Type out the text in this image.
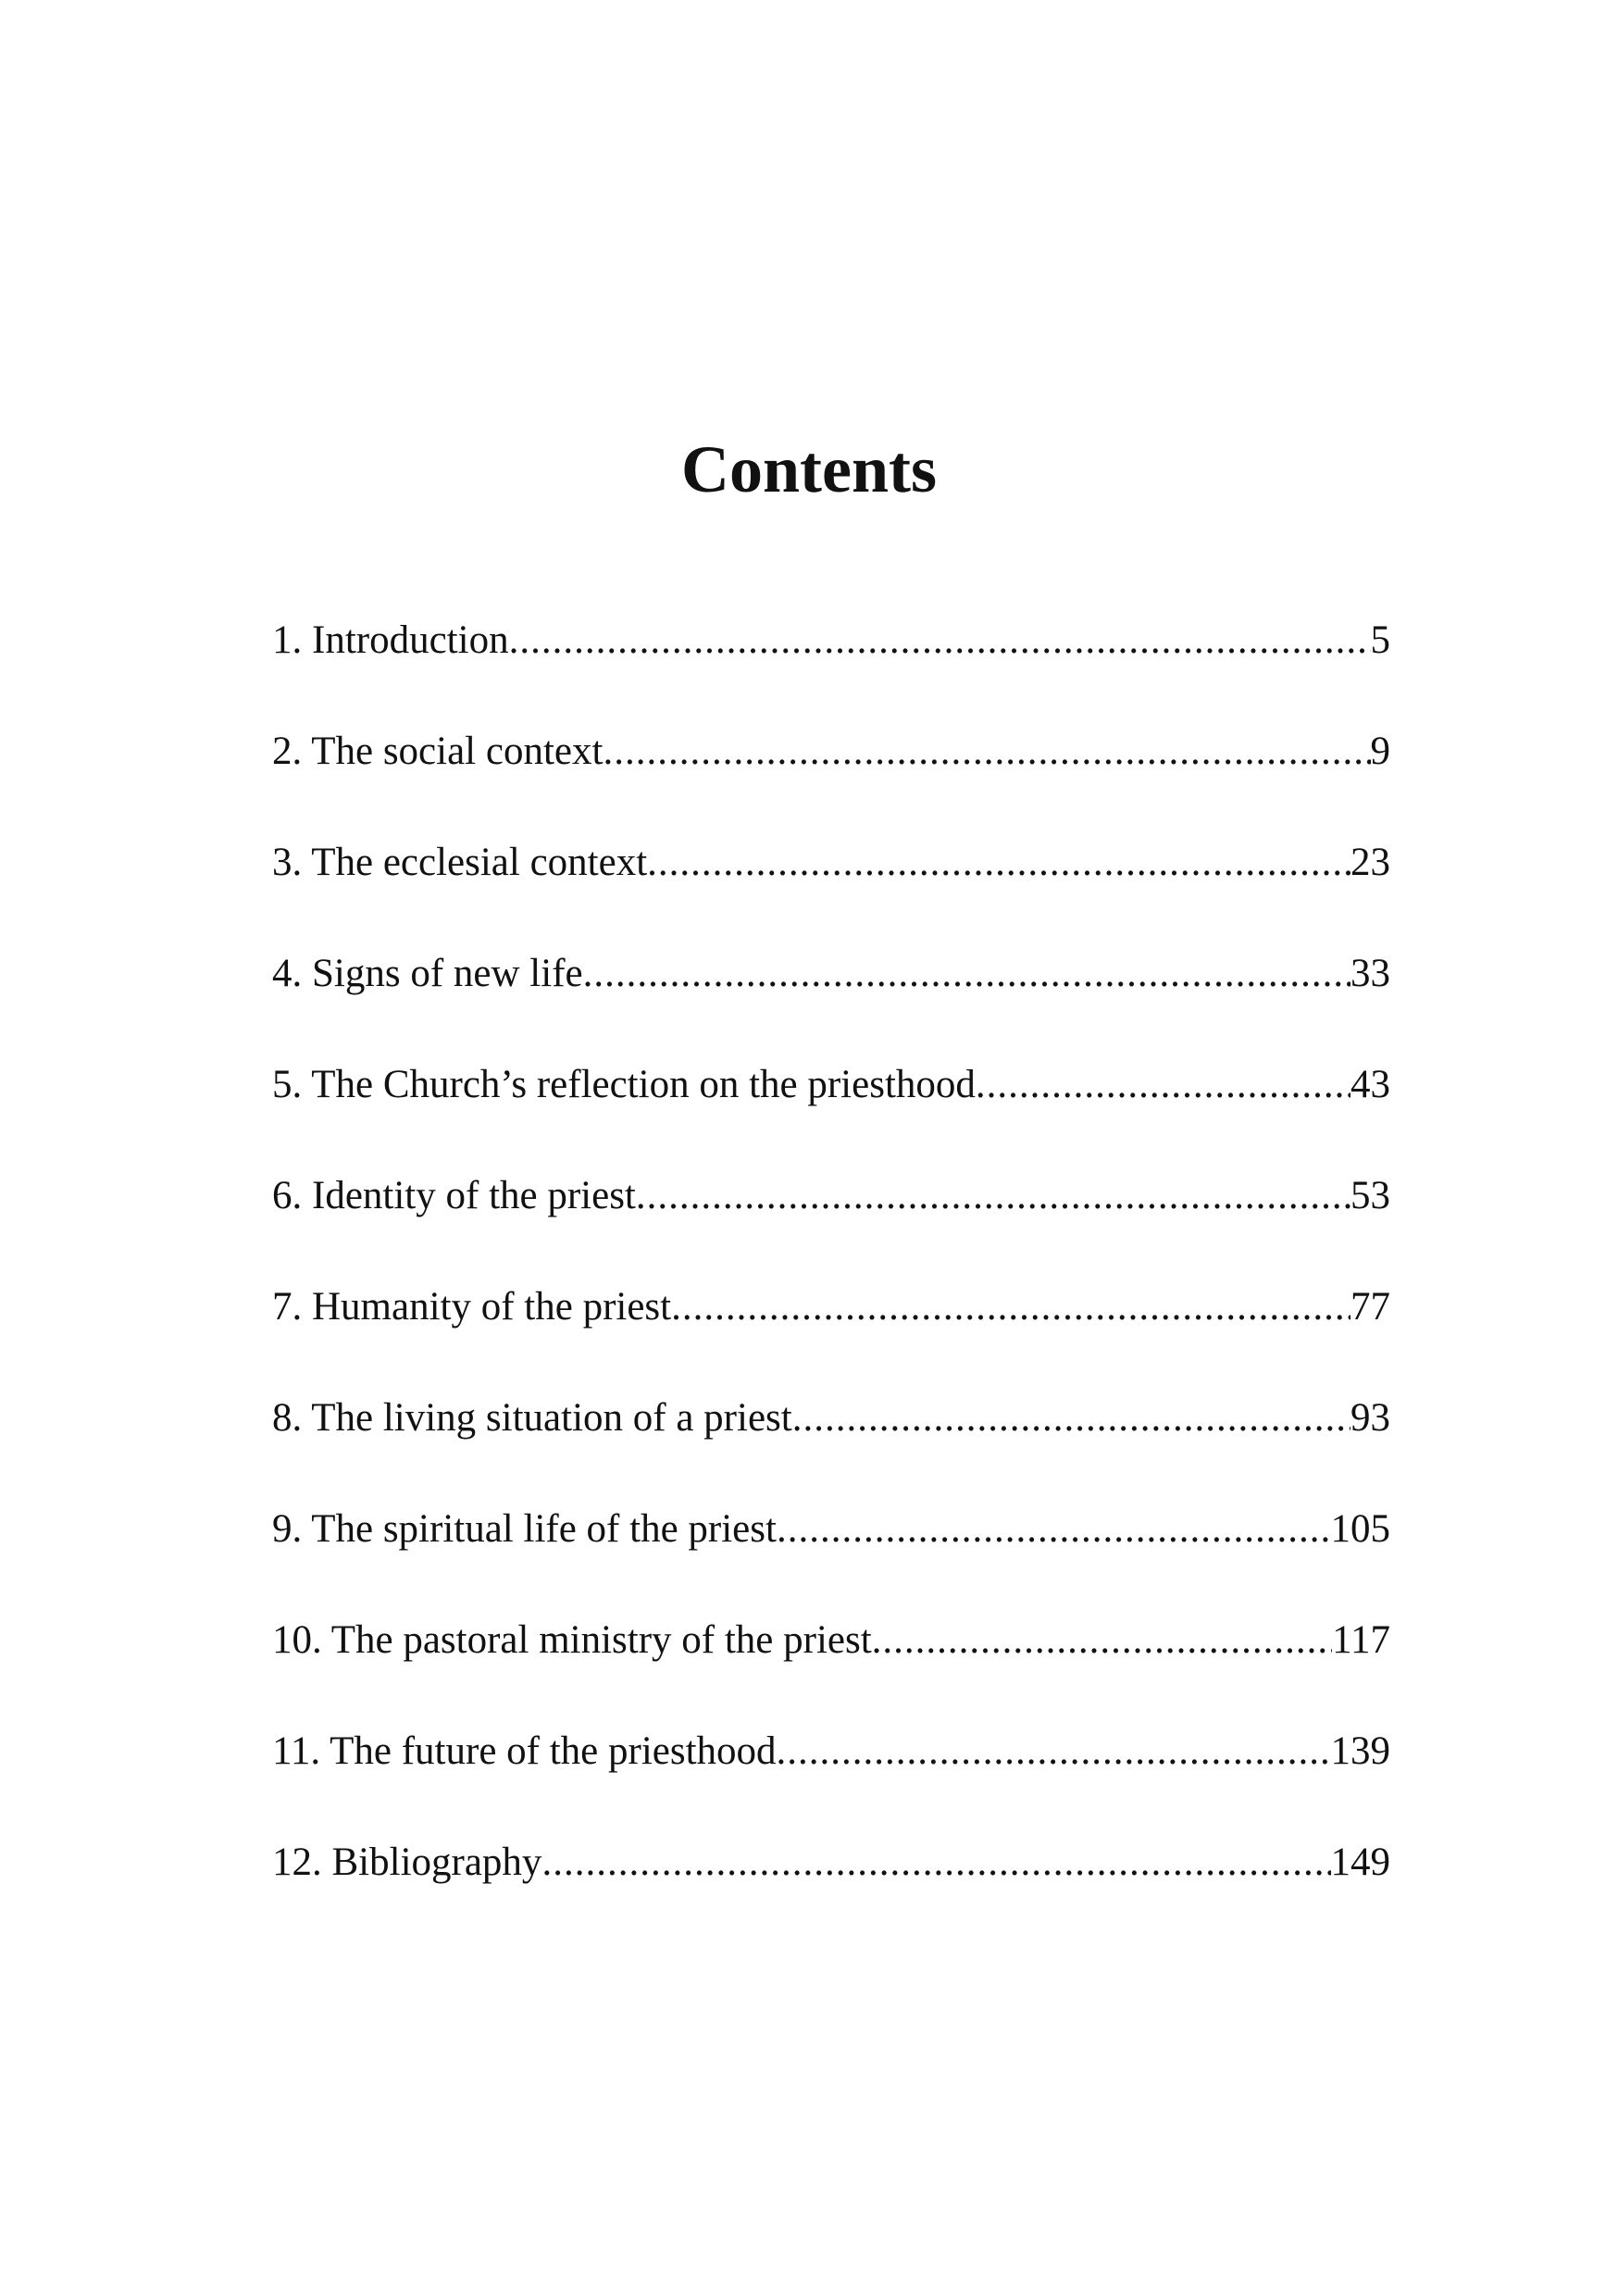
Contents
1. Introduction .....	5
2. The social context .....	9
3. The ecclesial context .....	23
4. Signs of new life .....	33
5. The Church’s reflection on the priesthood .....	43
6. Identity of the priest .....	53
7. Humanity of the priest .....	77
8. The living situation of a priest .....	93
9. The spiritual life of the priest .....	105
10. The pastoral ministry of the priest .....	117
11. The future of the priesthood .....	139
12. Bibliography .....	149
